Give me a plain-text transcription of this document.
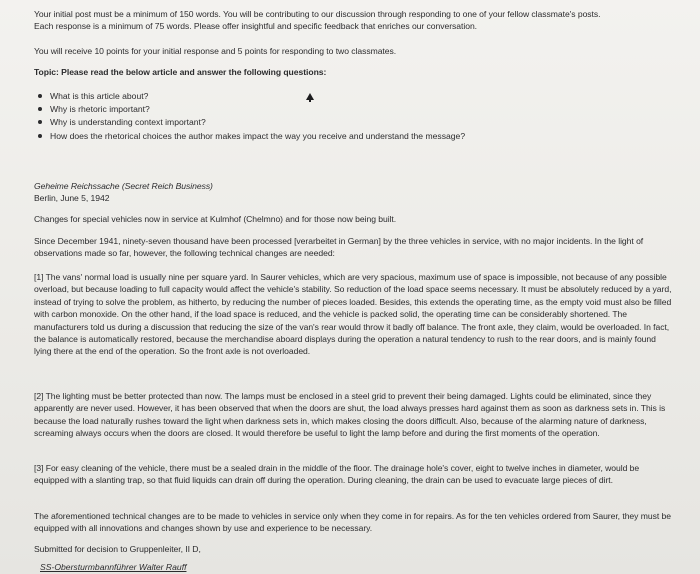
Your initial post must be a minimum of 150 words. You will be contributing to our discussion through responding to one of your fellow classmate's posts.

Each response is a minimum of 75 words. Please offer insightful and specific feedback that enriches our conversation.

You will receive 10 points for your initial response and 5 points for responding to two classmates.

Topic: Please read the below article and answer the following questions:

What is this article about?
Why is rhetoric important?
Why is understanding context important?
How does the rhetorical choices the author makes impact the way you receive and understand the message?

Geheime Reichssache (Secret Reich Business)

Berlin, June 5, 1942

Changes for special vehicles now in service at Kulmhof (Chelmno) and for those now being built.

Since December 1941, ninety-seven thousand have been processed [verarbeitet in German] by the three vehicles in service, with no major incidents. In the light of observations made so far, however, the following technical changes are needed:

[1] The vans' normal load is usually nine per square yard. In Saurer vehicles, which are very spacious, maximum use of space is impossible, not because of any possible overload, but because loading to full capacity would affect the vehicle's stability. So reduction of the load space seems necessary. It must be absolutely reduced by a yard, instead of trying to solve the problem, as hitherto, by reducing the number of pieces loaded. Besides, this extends the operating time, as the empty void must also be filled with carbon monoxide. On the other hand, if the load space is reduced, and the vehicle is packed solid, the operating time can be considerably shortened. The manufacturers told us during a discussion that reducing the size of the van's rear would throw it badly off balance. The front axle, they claim, would be overloaded. In fact, the balance is automatically restored, because the merchandise aboard displays during the operation a natural tendency to rush to the rear doors, and is mainly found lying there at the end of the operation. So the front axle is not overloaded.

[2] The lighting must be better protected than now. The lamps must be enclosed in a steel grid to prevent their being damaged. Lights could be eliminated, since they apparently are never used. However, it has been observed that when the doors are shut, the load always presses hard against them as soon as darkness sets in. This is because the load naturally rushes toward the light when darkness sets in, which makes closing the doors difficult. Also, because of the alarming nature of darkness, screaming always occurs when the doors are closed. It would therefore be useful to light the lamp before and during the first moments of the operation.

[3] For easy cleaning of the vehicle, there must be a sealed drain in the middle of the floor. The drainage hole's cover, eight to twelve inches in diameter, would be equipped with a slanting trap, so that fluid liquids can drain off during the operation. During cleaning, the drain can be used to evacuate large pieces of dirt.

The aforementioned technical changes are to be made to vehicles in service only when they come in for repairs. As for the ten vehicles ordered from Saurer, they must be equipped with all innovations and changes shown by use and experience to be necessary.

Submitted for decision to Gruppenleiter, II D,

SS-Obersturmbannführer Walter Rauff
